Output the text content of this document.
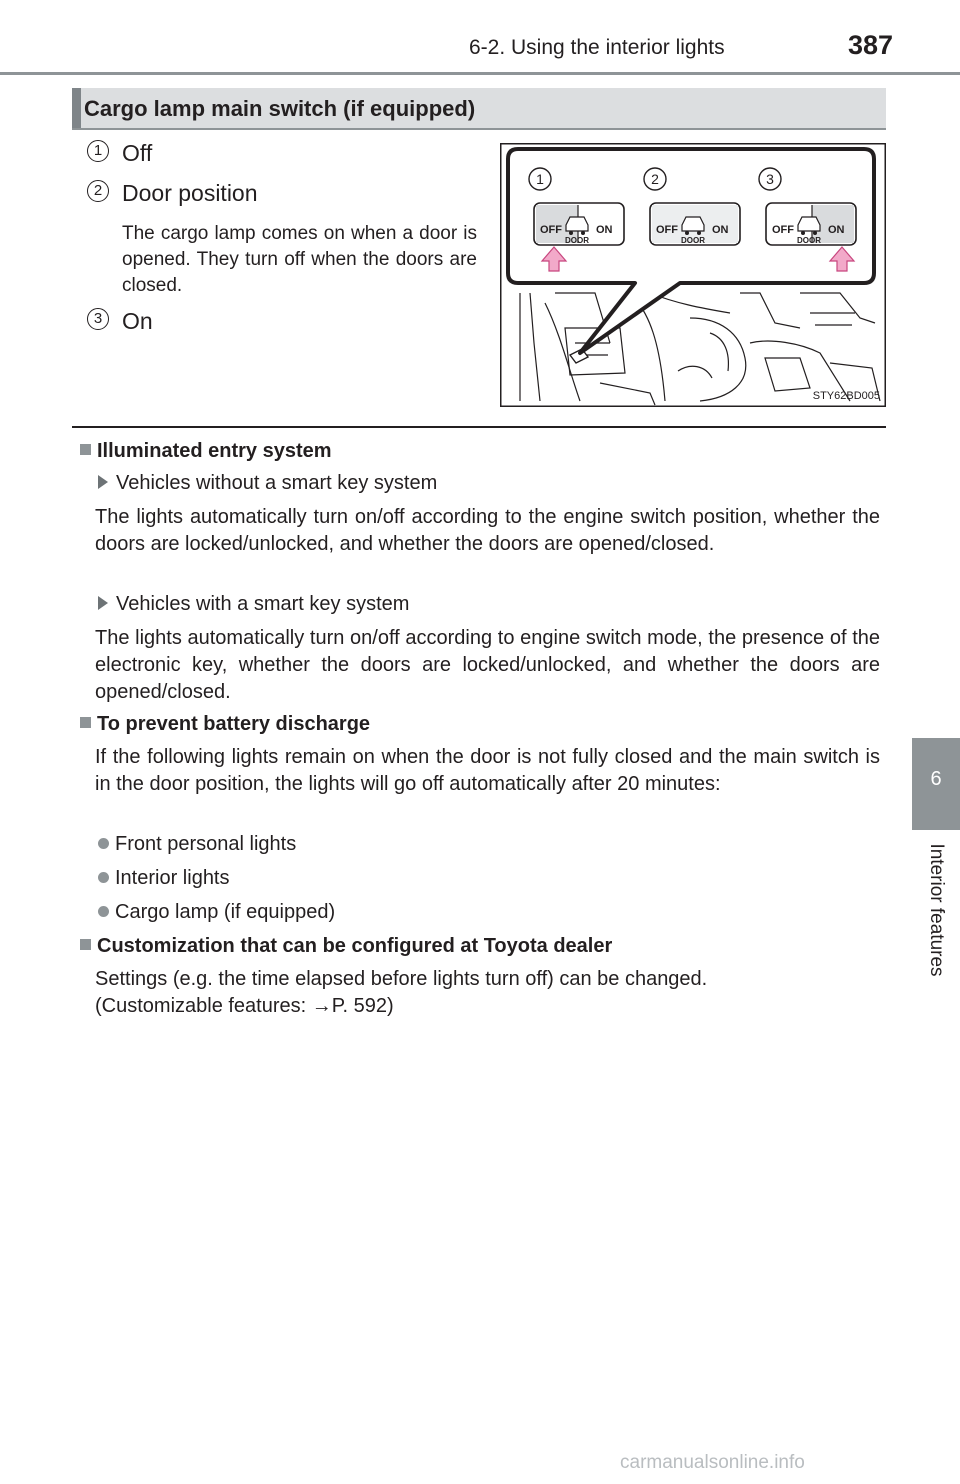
6-2. Using the interior lights	387
6
Interior features
Cargo lamp main switch (if equipped)
1 Off
2 Door position
The cargo lamp comes on when a door is opened. They turn off when the doors are closed.
3 On
1	2	3
OFF	ON
DOOR
OFF	ON
DOOR
OFF	ON
DOOR
STY62BD005
Illuminated entry system
Vehicles without a smart key system
The lights automatically turn on/off according to the engine switch position, whether the doors are locked/unlocked, and whether the doors are opened/closed.
Vehicles with a smart key system
The lights automatically turn on/off according to engine switch mode, the presence of the electronic key, whether the doors are locked/unlocked, and whether the doors are opened/closed.
To prevent battery discharge
If the following lights remain on when the door is not fully closed and the main switch is in the door position, the lights will go off automatically after 20 minutes:
Front personal lights
Interior lights
Cargo lamp (if equipped)
Customization that can be configured at Toyota dealer
Settings (e.g. the time elapsed before lights turn off) can be changed.
(Customizable features: →P. 592)
carmanualsonline.info
